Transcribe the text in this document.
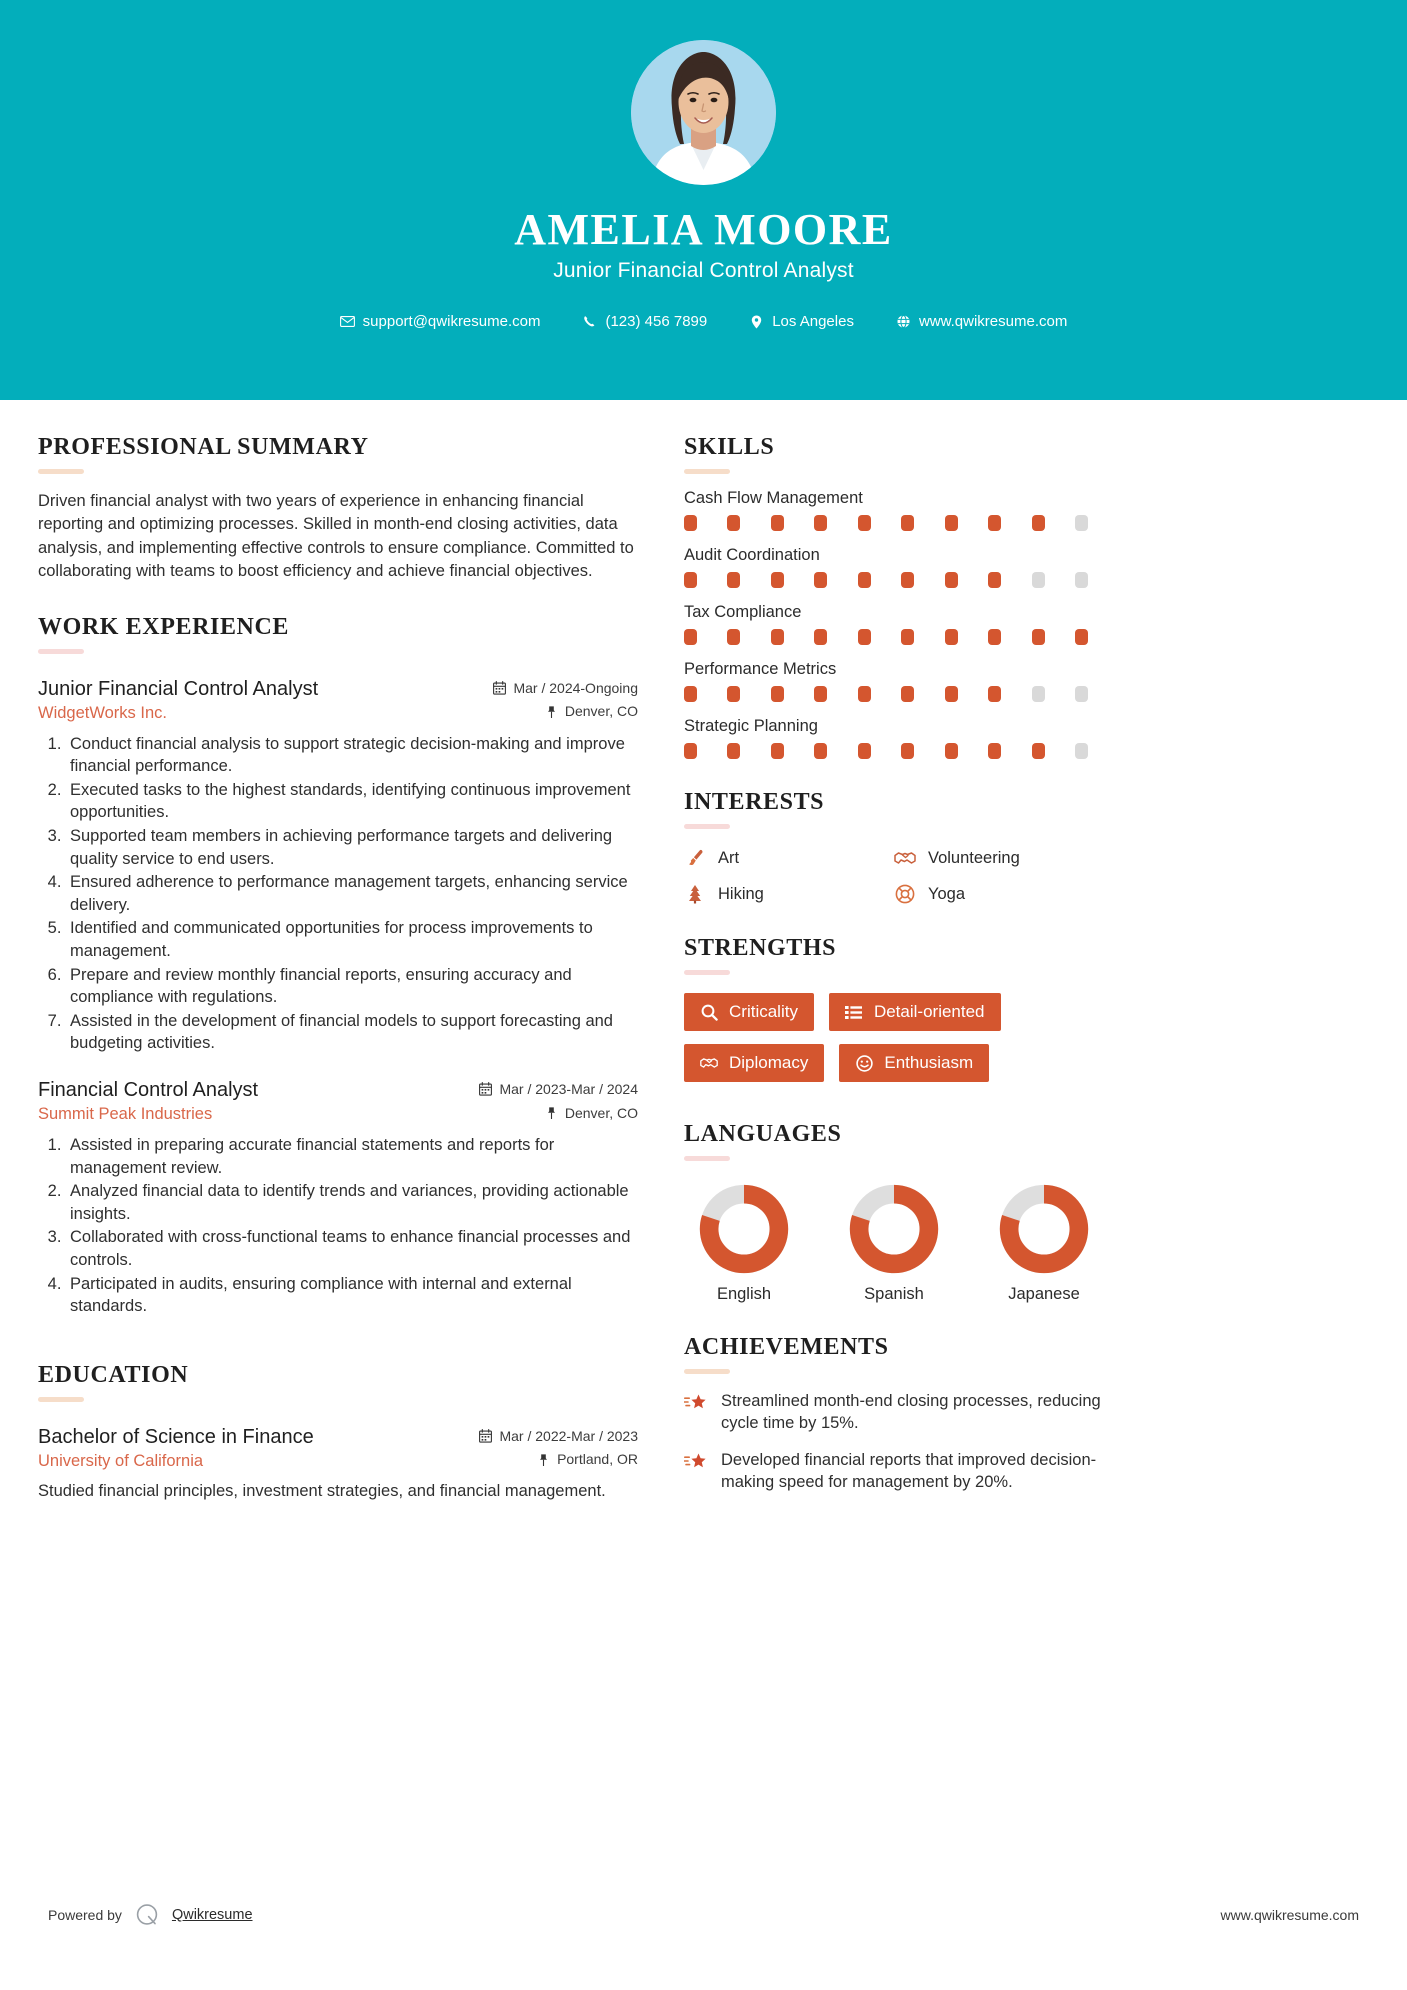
AMELIA MOORE
Junior Financial Control Analyst
support@qwikresume.com	(123) 456 7899	Los Angeles	www.qwikresume.com
PROFESSIONAL SUMMARY
Driven financial analyst with two years of experience in enhancing financial reporting and optimizing processes. Skilled in month-end closing activities, data analysis, and implementing effective controls to ensure compliance. Committed to collaborating with teams to boost efficiency and achieve financial objectives.
WORK EXPERIENCE
Junior Financial Control Analyst	Mar / 2024-Ongoing
WidgetWorks Inc.	Denver, CO
1. Conduct financial analysis to support strategic decision-making and improve financial performance.
2. Executed tasks to the highest standards, identifying continuous improvement opportunities.
3. Supported team members in achieving performance targets and delivering quality service to end users.
4. Ensured adherence to performance management targets, enhancing service delivery.
5. Identified and communicated opportunities for process improvements to management.
6. Prepare and review monthly financial reports, ensuring accuracy and compliance with regulations.
7. Assisted in the development of financial models to support forecasting and budgeting activities.
Financial Control Analyst	Mar / 2023-Mar / 2024
Summit Peak Industries	Denver, CO
1. Assisted in preparing accurate financial statements and reports for management review.
2. Analyzed financial data to identify trends and variances, providing actionable insights.
3. Collaborated with cross-functional teams to enhance financial processes and controls.
4. Participated in audits, ensuring compliance with internal and external standards.
EDUCATION
Bachelor of Science in Finance	Mar / 2022-Mar / 2023
University of California	Portland, OR
Studied financial principles, investment strategies, and financial management.
SKILLS
Cash Flow Management
Audit Coordination
Tax Compliance
Performance Metrics
Strategic Planning
INTERESTS
Art	Volunteering
Hiking	Yoga
STRENGTHS
Criticality	Detail-oriented
Diplomacy	Enthusiasm
LANGUAGES
English	Spanish	Japanese
ACHIEVEMENTS
Streamlined month-end closing processes, reducing cycle time by 15%.
Developed financial reports that improved decision-making speed for management by 20%.
Powered by	Qwikresume	www.qwikresume.com
